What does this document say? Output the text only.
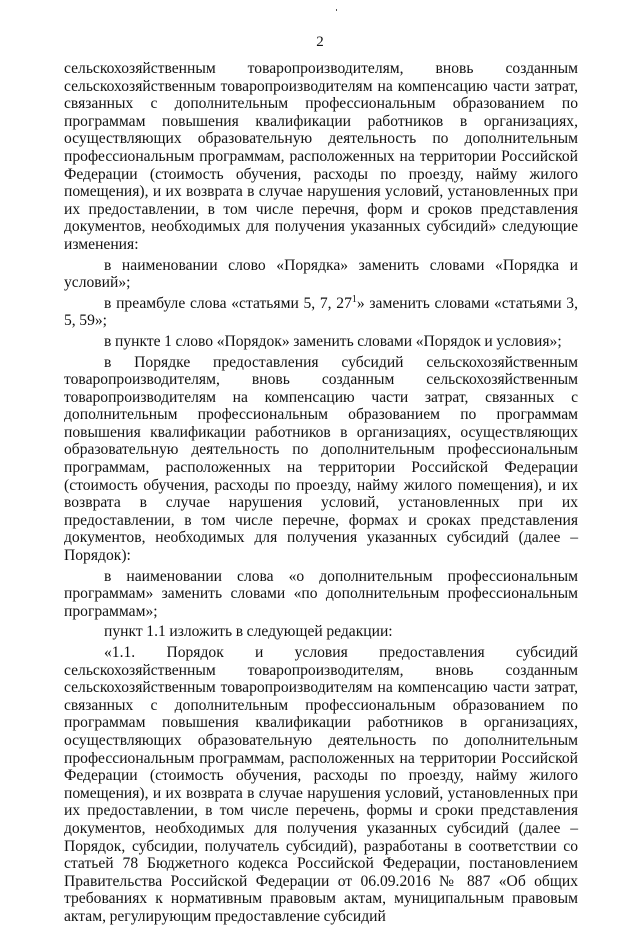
2

сельскохозяйственным товаропроизводителям, вновь созданным сельскохозяйственным товаропроизводителям на компенсацию части затрат, связанных с дополнительным профессиональным образованием по программам повышения квалификации работников в организациях, осуществляющих образовательную деятельность по дополнительным профессиональным программам, расположенных на территории Российской Федерации (стоимость обучения, расходы по проезду, найму жилого помещения), и их возврата в случае нарушения условий, установленных при их предоставлении, в том числе перечня, форм и сроков представления документов, необходимых для получения указанных субсидий» следующие изменения:

в наименовании слово «Порядка» заменить словами «Порядка и условий»;

в преамбуле слова «статьями 5, 7, $27^1$» заменить словами «статьями 3, 5, 59»;

в пункте 1 слово «Порядок» заменить словами «Порядок и условия»;

в Порядке предоставления субсидий сельскохозяйственным товаропроизводителям, вновь созданным сельскохозяйственным товаропроизводителям на компенсацию части затрат, связанных с дополнительным профессиональным образованием по программам повышения квалификации работников в организациях, осуществляющих образовательную деятельность по дополнительным профессиональным программам, расположенных на территории Российской Федерации (стоимость обучения, расходы по проезду, найму жилого помещения), и их возврата в случае нарушения условий, установленных при их предоставлении, в том числе перечне, формах и сроках представления документов, необходимых для получения указанных субсидий (далее – Порядок):

в наименовании слова «о дополнительным профессиональным программам» заменить словами «по дополнительным профессиональным программам»;

пункт 1.1 изложить в следующей редакции:

«1.1. Порядок и условия предоставления субсидий сельскохозяйственным товаропроизводителям, вновь созданным сельскохозяйственным товаропроизводителям на компенсацию части затрат, связанных с дополнительным профессиональным образованием по программам повышения квалификации работников в организациях, осуществляющих образовательную деятельность по дополнительным профессиональным программам, расположенных на территории Российской Федерации (стоимость обучения, расходы по проезду, найму жилого помещения), и их возврата в случае нарушения условий, установленных при их предоставлении, в том числе перечень, формы и сроки представления документов, необходимых для получения указанных субсидий (далее – Порядок, субсидии, получатель субсидий), разработаны в соответствии со статьей 78 Бюджетного кодекса Российской Федерации, постановлением Правительства Российской Федерации от 06.09.2016 № 887 «Об общих требованиях к нормативным правовым актам, муниципальным правовым актам, регулирующим предоставление субсидий
